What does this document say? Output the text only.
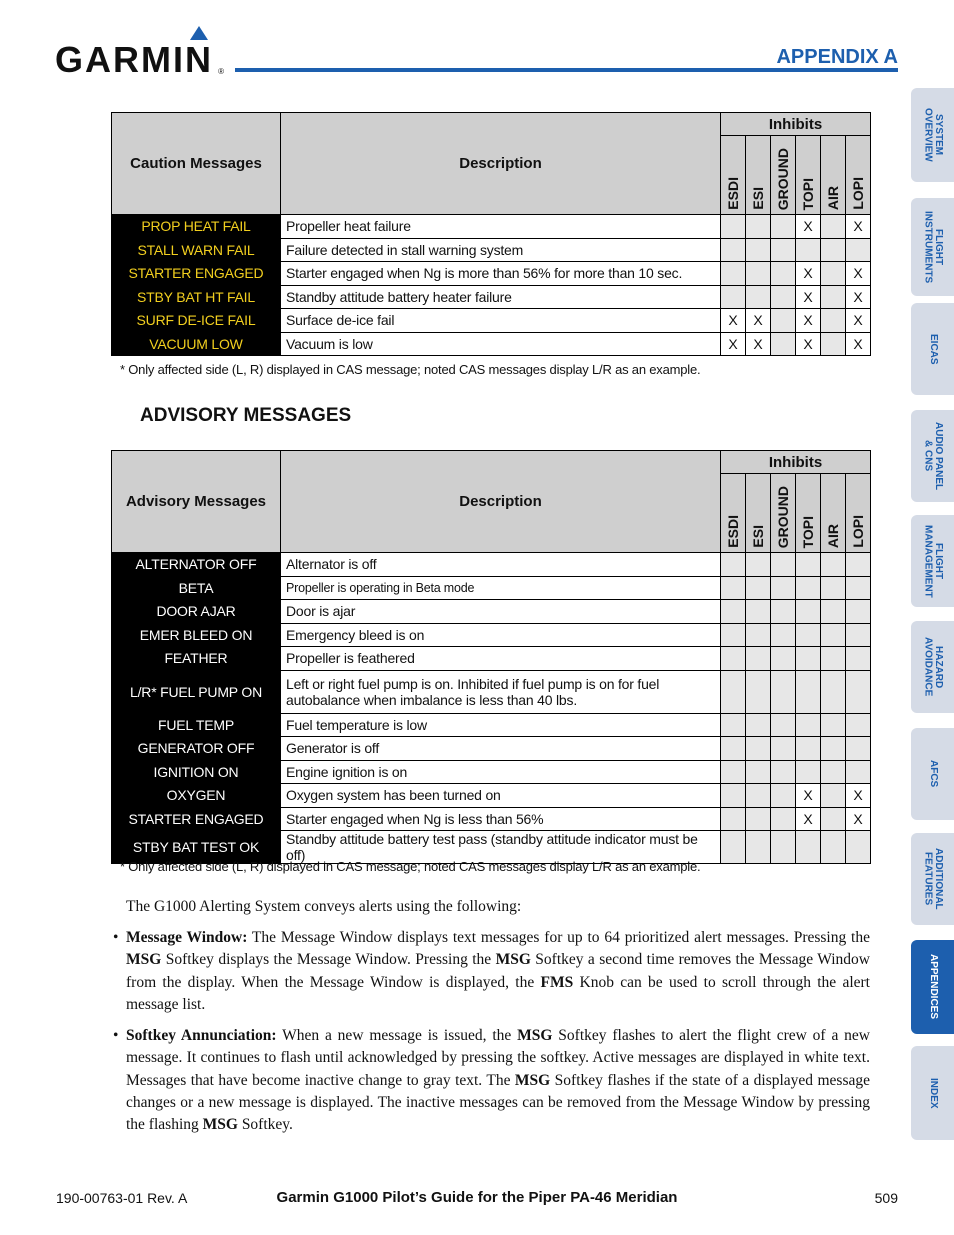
GARMIN ®
APPENDIX A
SYSTEM
OVERVIEW
FLIGHT
INSTRUMENTS
EICAS
AUDIO PANEL
& CNS
FLIGHT
MANAGEMENT
HAZARD
AVOIDANCE
AFCS
ADDITIONAL
FEATURES
APPENDICES
INDEX
Caution Messages	Description	Inhibits					
		ESDI	ESI	GROUND	TOPI	AIR	LOPI
PROP HEAT FAIL	Propeller heat failure				X		X
STALL WARN FAIL	Failure detected in stall warning system						
STARTER ENGAGED	Starter engaged when Ng is more than 56% for more than 10 sec.				X		X
STBY BAT HT FAIL	Standby attitude battery heater failure				X		X
SURF DE-ICE FAIL	Surface de-ice fail	X	X		X		X
VACUUM LOW	Vacuum is low	X	X		X		X
* Only affected side (L, R) displayed in CAS message; noted CAS messages display L/R as an example.
ADVISORY MESSAGES
Advisory Messages	Description	Inhibits					
		ESDI	ESI	GROUND	TOPI	AIR	LOPI
ALTERNATOR OFF	Alternator is off						
BETA	Propeller is operating in Beta mode						
DOOR AJAR	Door is ajar						
EMER BLEED ON	Emergency bleed is on						
FEATHER	Propeller is feathered						
L/R* FUEL PUMP ON	Left or right fuel pump is on. Inhibited if fuel pump is on for fuel autobalance when imbalance is less than 40 lbs.						
FUEL TEMP	Fuel temperature is low						
GENERATOR OFF	Generator is off						
IGNITION ON	Engine ignition is on						
OXYGEN	Oxygen system has been turned on				X		X
STARTER ENGAGED	Starter engaged when Ng is less than 56%				X		X
STBY BAT TEST OK	Standby attitude battery test pass (standby attitude indicator must be off)						
* Only affected side (L, R) displayed in CAS message; noted CAS messages display L/R as an example.
The G1000 Alerting System conveys alerts using the following:
• Message Window: The Message Window displays text messages for up to 64 prioritized alert messages. Pressing the MSG Softkey displays the Message Window. Pressing the MSG Softkey a second time removes the Message Window from the display. When the Message Window is displayed, the FMS Knob can be used to scroll through the alert message list.
• Softkey Annunciation: When a new message is issued, the MSG Softkey flashes to alert the flight crew of a new message. It continues to flash until acknowledged by pressing the softkey. Active messages are displayed in white text. Messages that have become inactive change to gray text. The MSG Softkey flashes if the state of a displayed message changes or a new message is displayed. The inactive messages can be removed from the Message Window by pressing the flashing MSG Softkey.
190-00763-01 Rev. A	Garmin G1000 Pilot’s Guide for the Piper PA-46 Meridian	509
